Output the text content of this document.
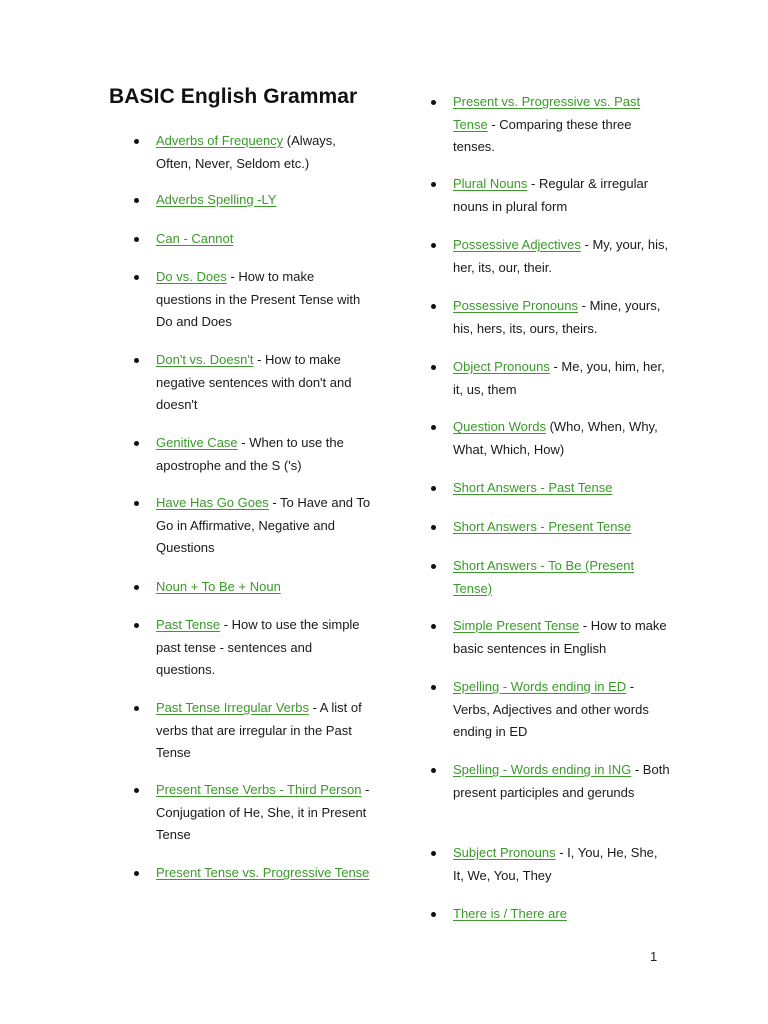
BASIC English Grammar
Adverbs of Frequency (Always, Often, Never, Seldom etc.)
Adverbs Spelling -LY
Can - Cannot
Do vs. Does - How to make questions in the Present Tense with Do and Does
Don't vs. Doesn't - How to make negative sentences with don't and doesn't
Genitive Case - When to use the apostrophe and the S ('s)
Have Has Go Goes - To Have and To Go in Affirmative, Negative and Questions
Noun + To Be + Noun
Past Tense - How to use the simple past tense - sentences and questions.
Past Tense Irregular Verbs - A list of verbs that are irregular in the Past Tense
Present Tense Verbs - Third Person - Conjugation of He, She, it in Present Tense
Present Tense vs. Progressive Tense
Present vs. Progressive vs. Past Tense - Comparing these three tenses.
Plural Nouns - Regular & irregular nouns in plural form
Possessive Adjectives - My, your, his, her, its, our, their.
Possessive Pronouns - Mine, yours, his, hers, its, ours, theirs.
Object Pronouns - Me, you, him, her, it, us, them
Question Words (Who, When, Why, What, Which, How)
Short Answers - Past Tense
Short Answers - Present Tense
Short Answers - To Be (Present Tense)
Simple Present Tense - How to make basic sentences in English
Spelling - Words ending in ED - Verbs, Adjectives and other words ending in ED
Spelling - Words ending in ING - Both present participles and gerunds
Subject Pronouns - I, You, He, She, It, We, You, They
There is / There are
1
